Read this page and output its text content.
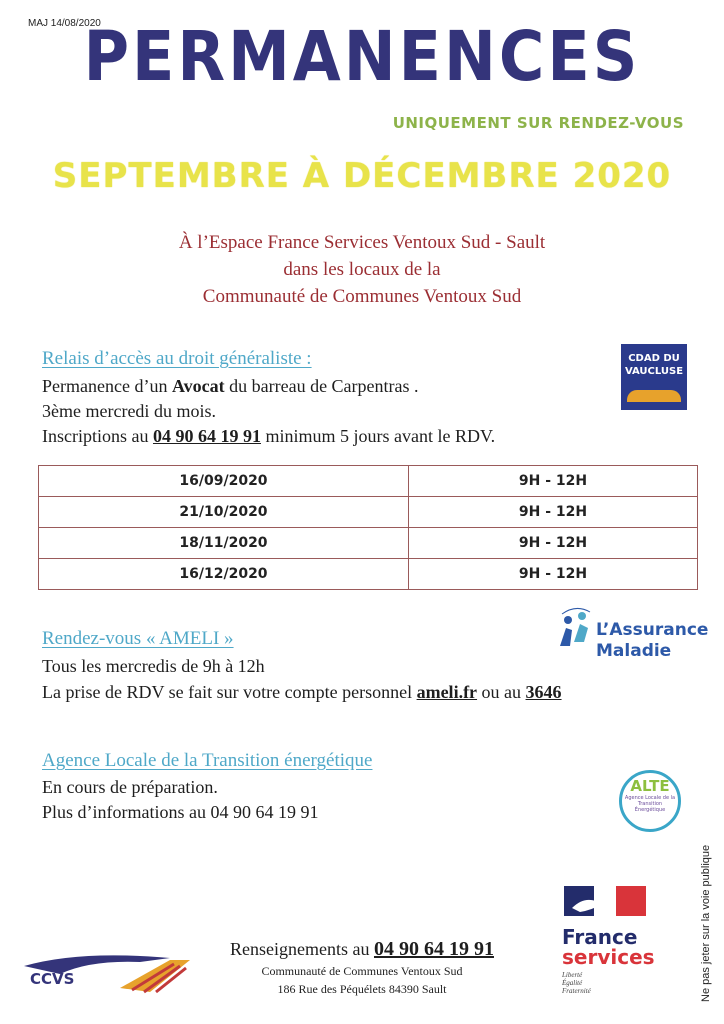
MAJ 14/08/2020
PERMANENCES
UNIQUEMENT SUR RENDEZ-VOUS
SEPTEMBRE À DÉCEMBRE 2020
À l’Espace France Services Ventoux Sud - Sault
dans les locaux de la
Communauté de Communes Ventoux Sud
Relais d’accès au droit généraliste :
Permanence d’un Avocat du barreau de Carpentras .
3ème mercredi du mois.
Inscriptions au 04 90 64 19 91 minimum 5 jours avant le RDV.
CDAD DU
VAUCLUSE
16/09/2020	9H - 12H
21/10/2020	9H - 12H
18/11/2020	9H - 12H
16/12/2020	9H - 12H
Rendez-vous « AMELI »
Tous les mercredis de 9h à 12h
La prise de RDV se fait sur votre compte personnel ameli.fr ou au 3646
L’Assurance
Maladie
Agence Locale de la Transition énergétique
En cours de préparation.
Plus d’informations au 04 90 64 19 91
ALTE
Agence Locale de la Transition Énergétique
Ne pas jeter sur la voie publique
CCVS
Renseignements au 04 90 64 19 91
Communauté de Communes Ventoux Sud
186 Rue des Péquélets 84390 Sault
France
services
Liberté
Égalité
Fraternité
